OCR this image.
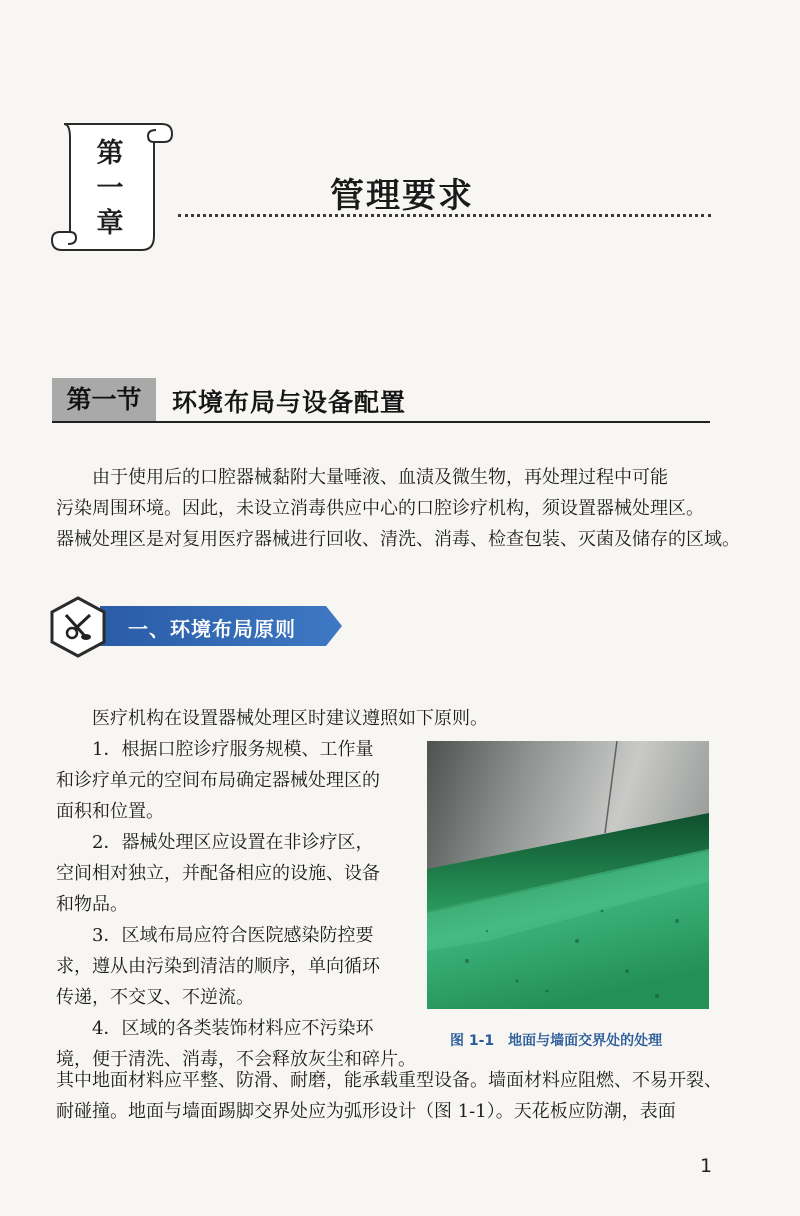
第
一
章
管理要求
第一节	环境布局与设备配置
由于使用后的口腔器械黏附大量唾液、血渍及微生物，再处理过程中可能
污染周围环境。因此，未设立消毒供应中心的口腔诊疗机构，须设置器械处理区。
器械处理区是对复用医疗器械进行回收、清洗、消毒、检查包装、灭菌及储存的区域。
一、环境布局原则
医疗机构在设置器械处理区时建议遵照如下原则。
1．根据口腔诊疗服务规模、工作量
和诊疗单元的空间布局确定器械处理区的
面积和位置。
2．器械处理区应设置在非诊疗区，
空间相对独立，并配备相应的设施、设备
和物品。
3．区域布局应符合医院感染防控要
求，遵从由污染到清洁的顺序，单向循环
传递，不交叉、不逆流。
4．区域的各类装饰材料应不污染环
境，便于清洗、消毒，不会释放灰尘和碎片。
图 1-1　地面与墙面交界处的处理
其中地面材料应平整、防滑、耐磨，能承载重型设备。墙面材料应阻燃、不易开裂、
耐碰撞。地面与墙面踢脚交界处应为弧形设计（图 1-1）。天花板应防潮，表面
1
